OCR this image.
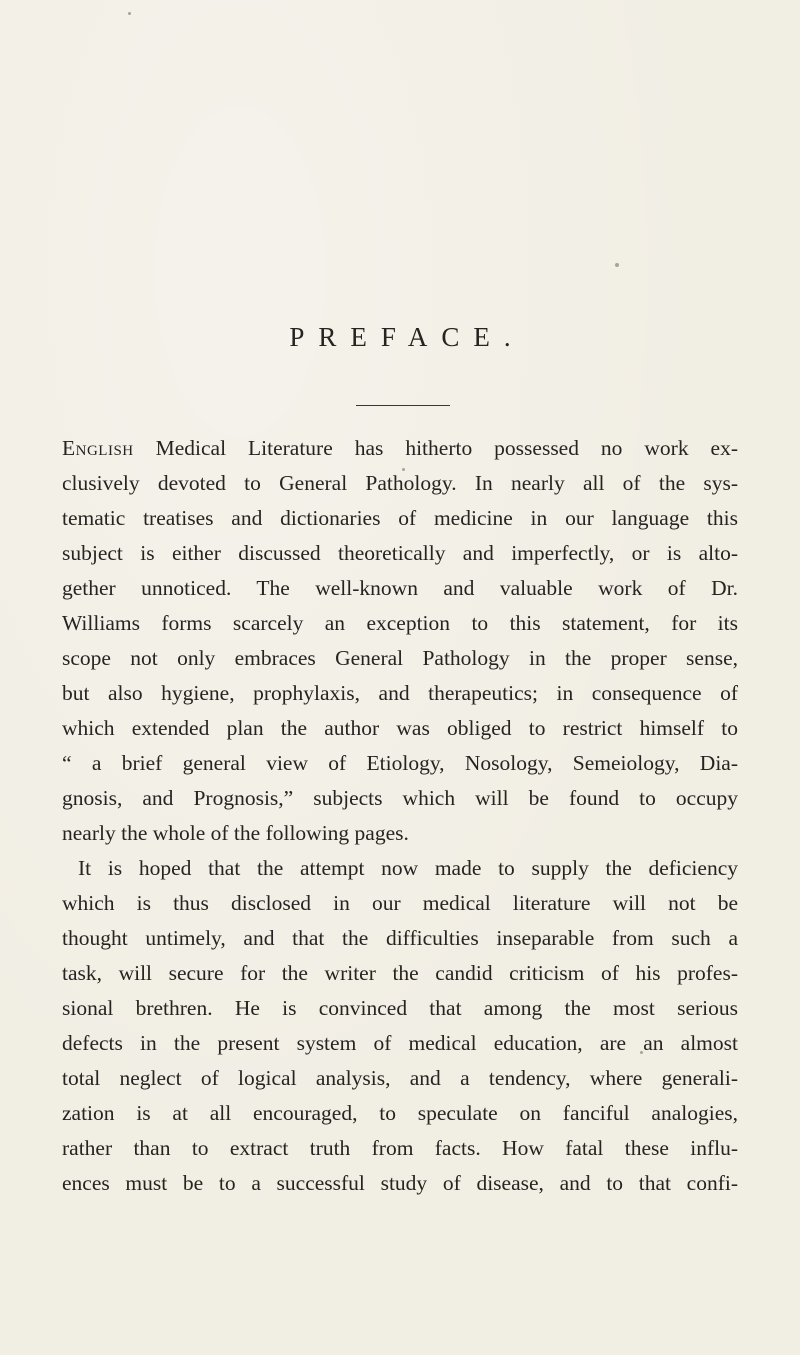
PREFACE.
English Medical Literature has hitherto possessed no work ex-
clusively devoted to General Pathology. In nearly all of the sys-
tematic treatises and dictionaries of medicine in our language this
subject is either discussed theoretically and imperfectly, or is alto-
gether unnoticed. The well-known and valuable work of Dr.
Williams forms scarcely an exception to this statement, for its
scope not only embraces General Pathology in the proper sense,
but also hygiene, prophylaxis, and therapeutics; in consequence of
which extended plan the author was obliged to restrict himself to
“ a brief general view of Etiology, Nosology, Semeiology, Dia-
gnosis, and Prognosis,” subjects which will be found to occupy
nearly the whole of the following pages.
It is hoped that the attempt now made to supply the deficiency
which is thus disclosed in our medical literature will not be
thought untimely, and that the difficulties inseparable from such a
task, will secure for the writer the candid criticism of his profes-
sional brethren. He is convinced that among the most serious
defects in the present system of medical education, are an almost
total neglect of logical analysis, and a tendency, where generali-
zation is at all encouraged, to speculate on fanciful analogies,
rather than to extract truth from facts. How fatal these influ-
ences must be to a successful study of disease, and to that confi-
